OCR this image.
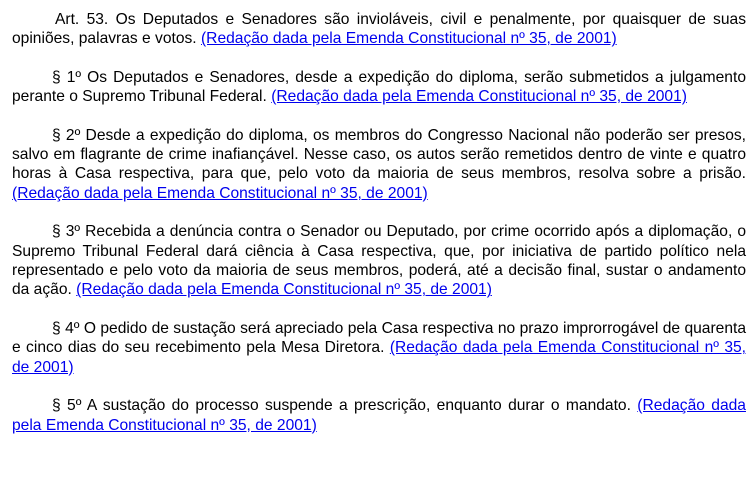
Art. 53. Os Deputados e Senadores são invioláveis, civil e penalmente, por quaisquer de suas opiniões, palavras e votos. (Redação dada pela Emenda Constitucional nº 35, de 2001)

§ 1º Os Deputados e Senadores, desde a expedição do diploma, serão submetidos a julgamento perante o Supremo Tribunal Federal. (Redação dada pela Emenda Constitucional nº 35, de 2001)

§ 2º Desde a expedição do diploma, os membros do Congresso Nacional não poderão ser presos, salvo em flagrante de crime inafiançável. Nesse caso, os autos serão remetidos dentro de vinte e quatro horas à Casa respectiva, para que, pelo voto da maioria de seus membros, resolva sobre a prisão. (Redação dada pela Emenda Constitucional nº 35, de 2001)

§ 3º Recebida a denúncia contra o Senador ou Deputado, por crime ocorrido após a diplomação, o Supremo Tribunal Federal dará ciência à Casa respectiva, que, por iniciativa de partido político nela representado e pelo voto da maioria de seus membros, poderá, até a decisão final, sustar o andamento da ação. (Redação dada pela Emenda Constitucional nº 35, de 2001)

§ 4º O pedido de sustação será apreciado pela Casa respectiva no prazo improrrogável de quarenta e cinco dias do seu recebimento pela Mesa Diretora. (Redação dada pela Emenda Constitucional nº 35, de 2001)

§ 5º A sustação do processo suspende a prescrição, enquanto durar o mandato. (Redação dada pela Emenda Constitucional nº 35, de 2001)
